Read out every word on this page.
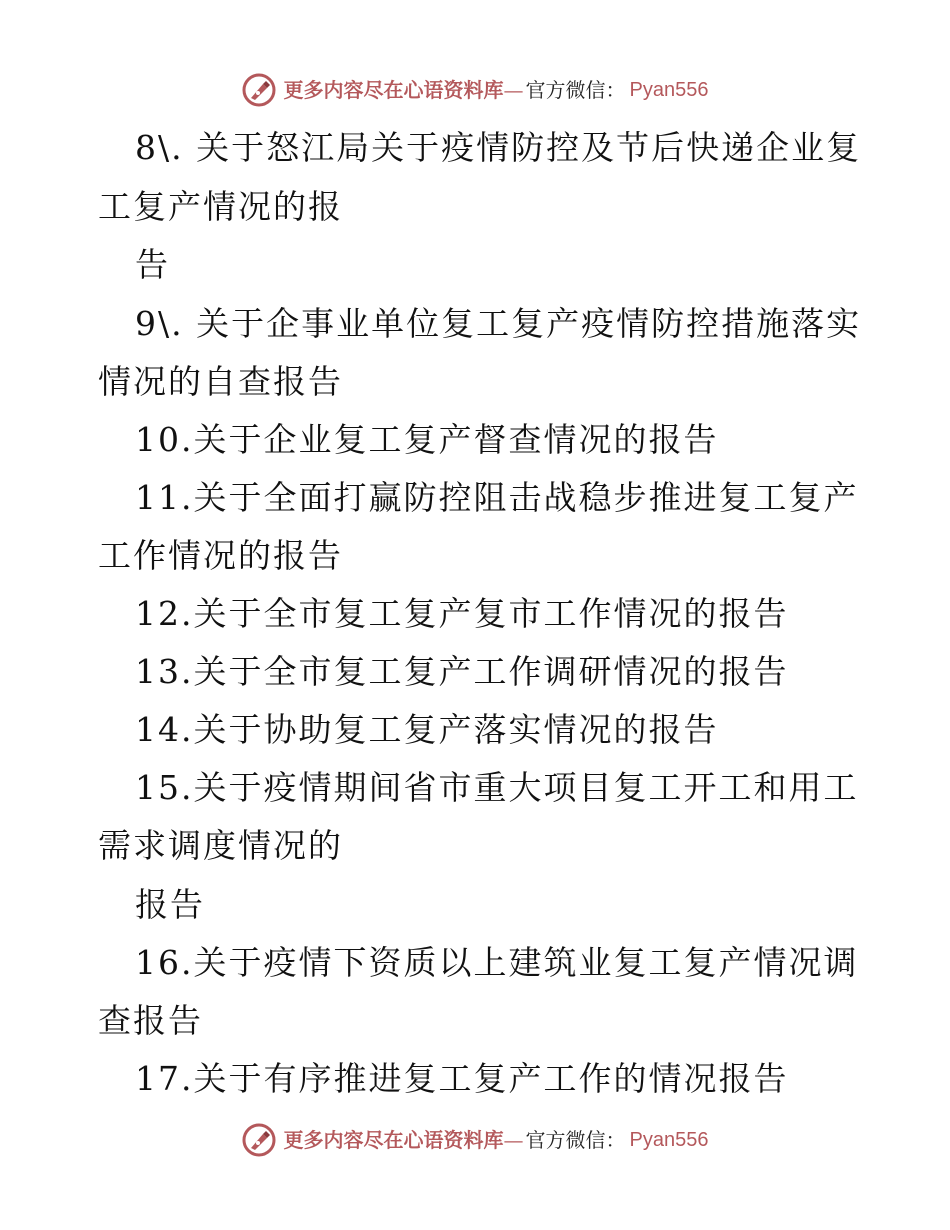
更多内容尽在心语资料库 — 官方微信： Pyan556
8\. 关于怒江局关于疫情防控及节后快递企业复
工复产情况的报
告
9\. 关于企事业单位复工复产疫情防控措施落实
情况的自查报告
10.关于企业复工复产督查情况的报告
11.关于全面打赢防控阻击战稳步推进复工复产
工作情况的报告
12.关于全市复工复产复市工作情况的报告
13.关于全市复工复产工作调研情况的报告
14.关于协助复工复产落实情况的报告
15.关于疫情期间省市重大项目复工开工和用工
需求调度情况的
报告
16.关于疫情下资质以上建筑业复工复产情况调
查报告
17.关于有序推进复工复产工作的情况报告
更多内容尽在心语资料库 — 官方微信： Pyan556
